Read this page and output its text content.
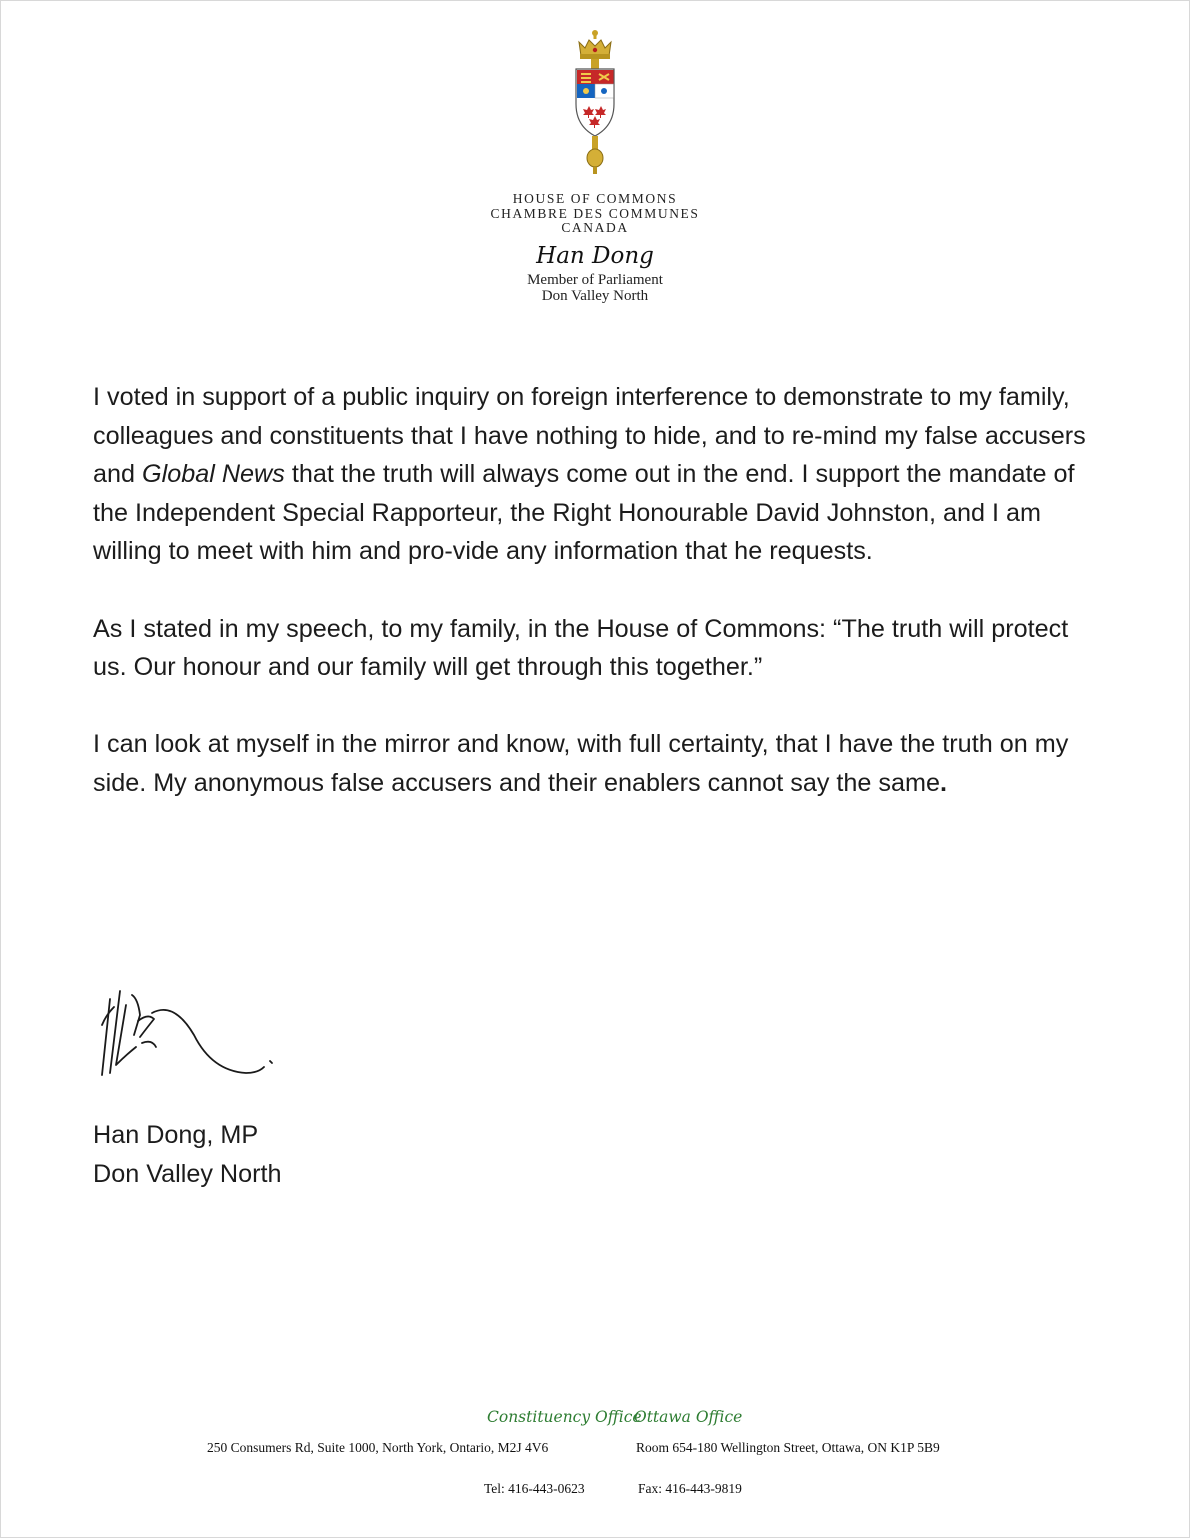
HOUSE OF COMMONS
CHAMBRE DES COMMUNES
CANADA
Han Dong
Member of Parliament
Don Valley North

I voted in support of a public inquiry on foreign interference to demonstrate to my family, colleagues and constituents that I have nothing to hide, and to re-mind my false accusers and Global News that the truth will always come out in the end. I support the mandate of the Independent Special Rapporteur, the Right Honourable David Johnston, and I am willing to meet with him and pro-vide any information that he requests.

As I stated in my speech, to my family, in the House of Commons: “The truth will protect us. Our honour and our family will get through this together.”

I can look at myself in the mirror and know, with full certainty, that I have the truth on my side. My anonymous false accusers and their enablers cannot say the same.

Han Dong, MP
Don Valley North
Constituency Office
Ottawa Office
250 Consumers Rd, Suite 1000, North York, Ontario, M2J 4V6	Room 654-180 Wellington Street, Ottawa, ON K1P 5B9
Tel: 416-443-0623	Fax: 416-443-9819
